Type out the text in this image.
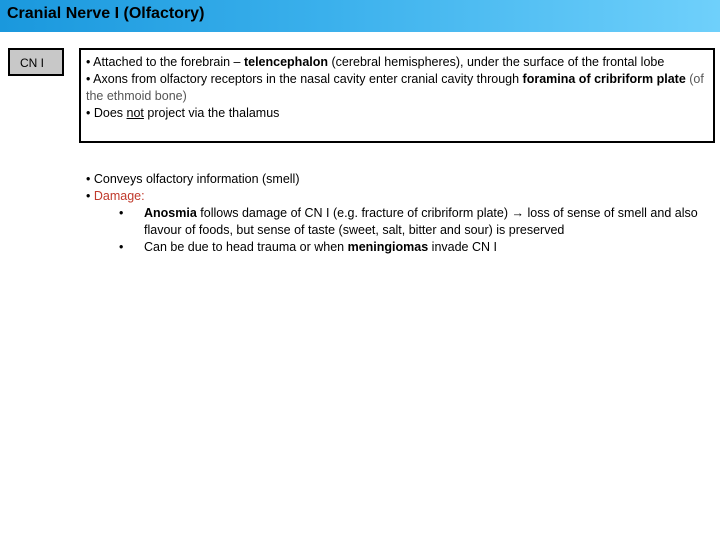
Cranial Nerve I (Olfactory)
CN I	• Attached to the forebrain – telencephalon (cerebral hemispheres), under the surface of the frontal lobe

• Axons from olfactory receptors in the nasal cavity enter cranial cavity through foramina of cribriform plate (of the ethmoid bone)

• Does not project via the thalamus

• Conveys olfactory information (smell)

• Damage:

• Anosmia follows damage of CN I (e.g. fracture of cribriform plate) → loss of sense of smell and also flavour of foods, but sense of taste (sweet, salt, bitter and sour) is preserved

• Can be due to head trauma or when meningiomas invade CN I
